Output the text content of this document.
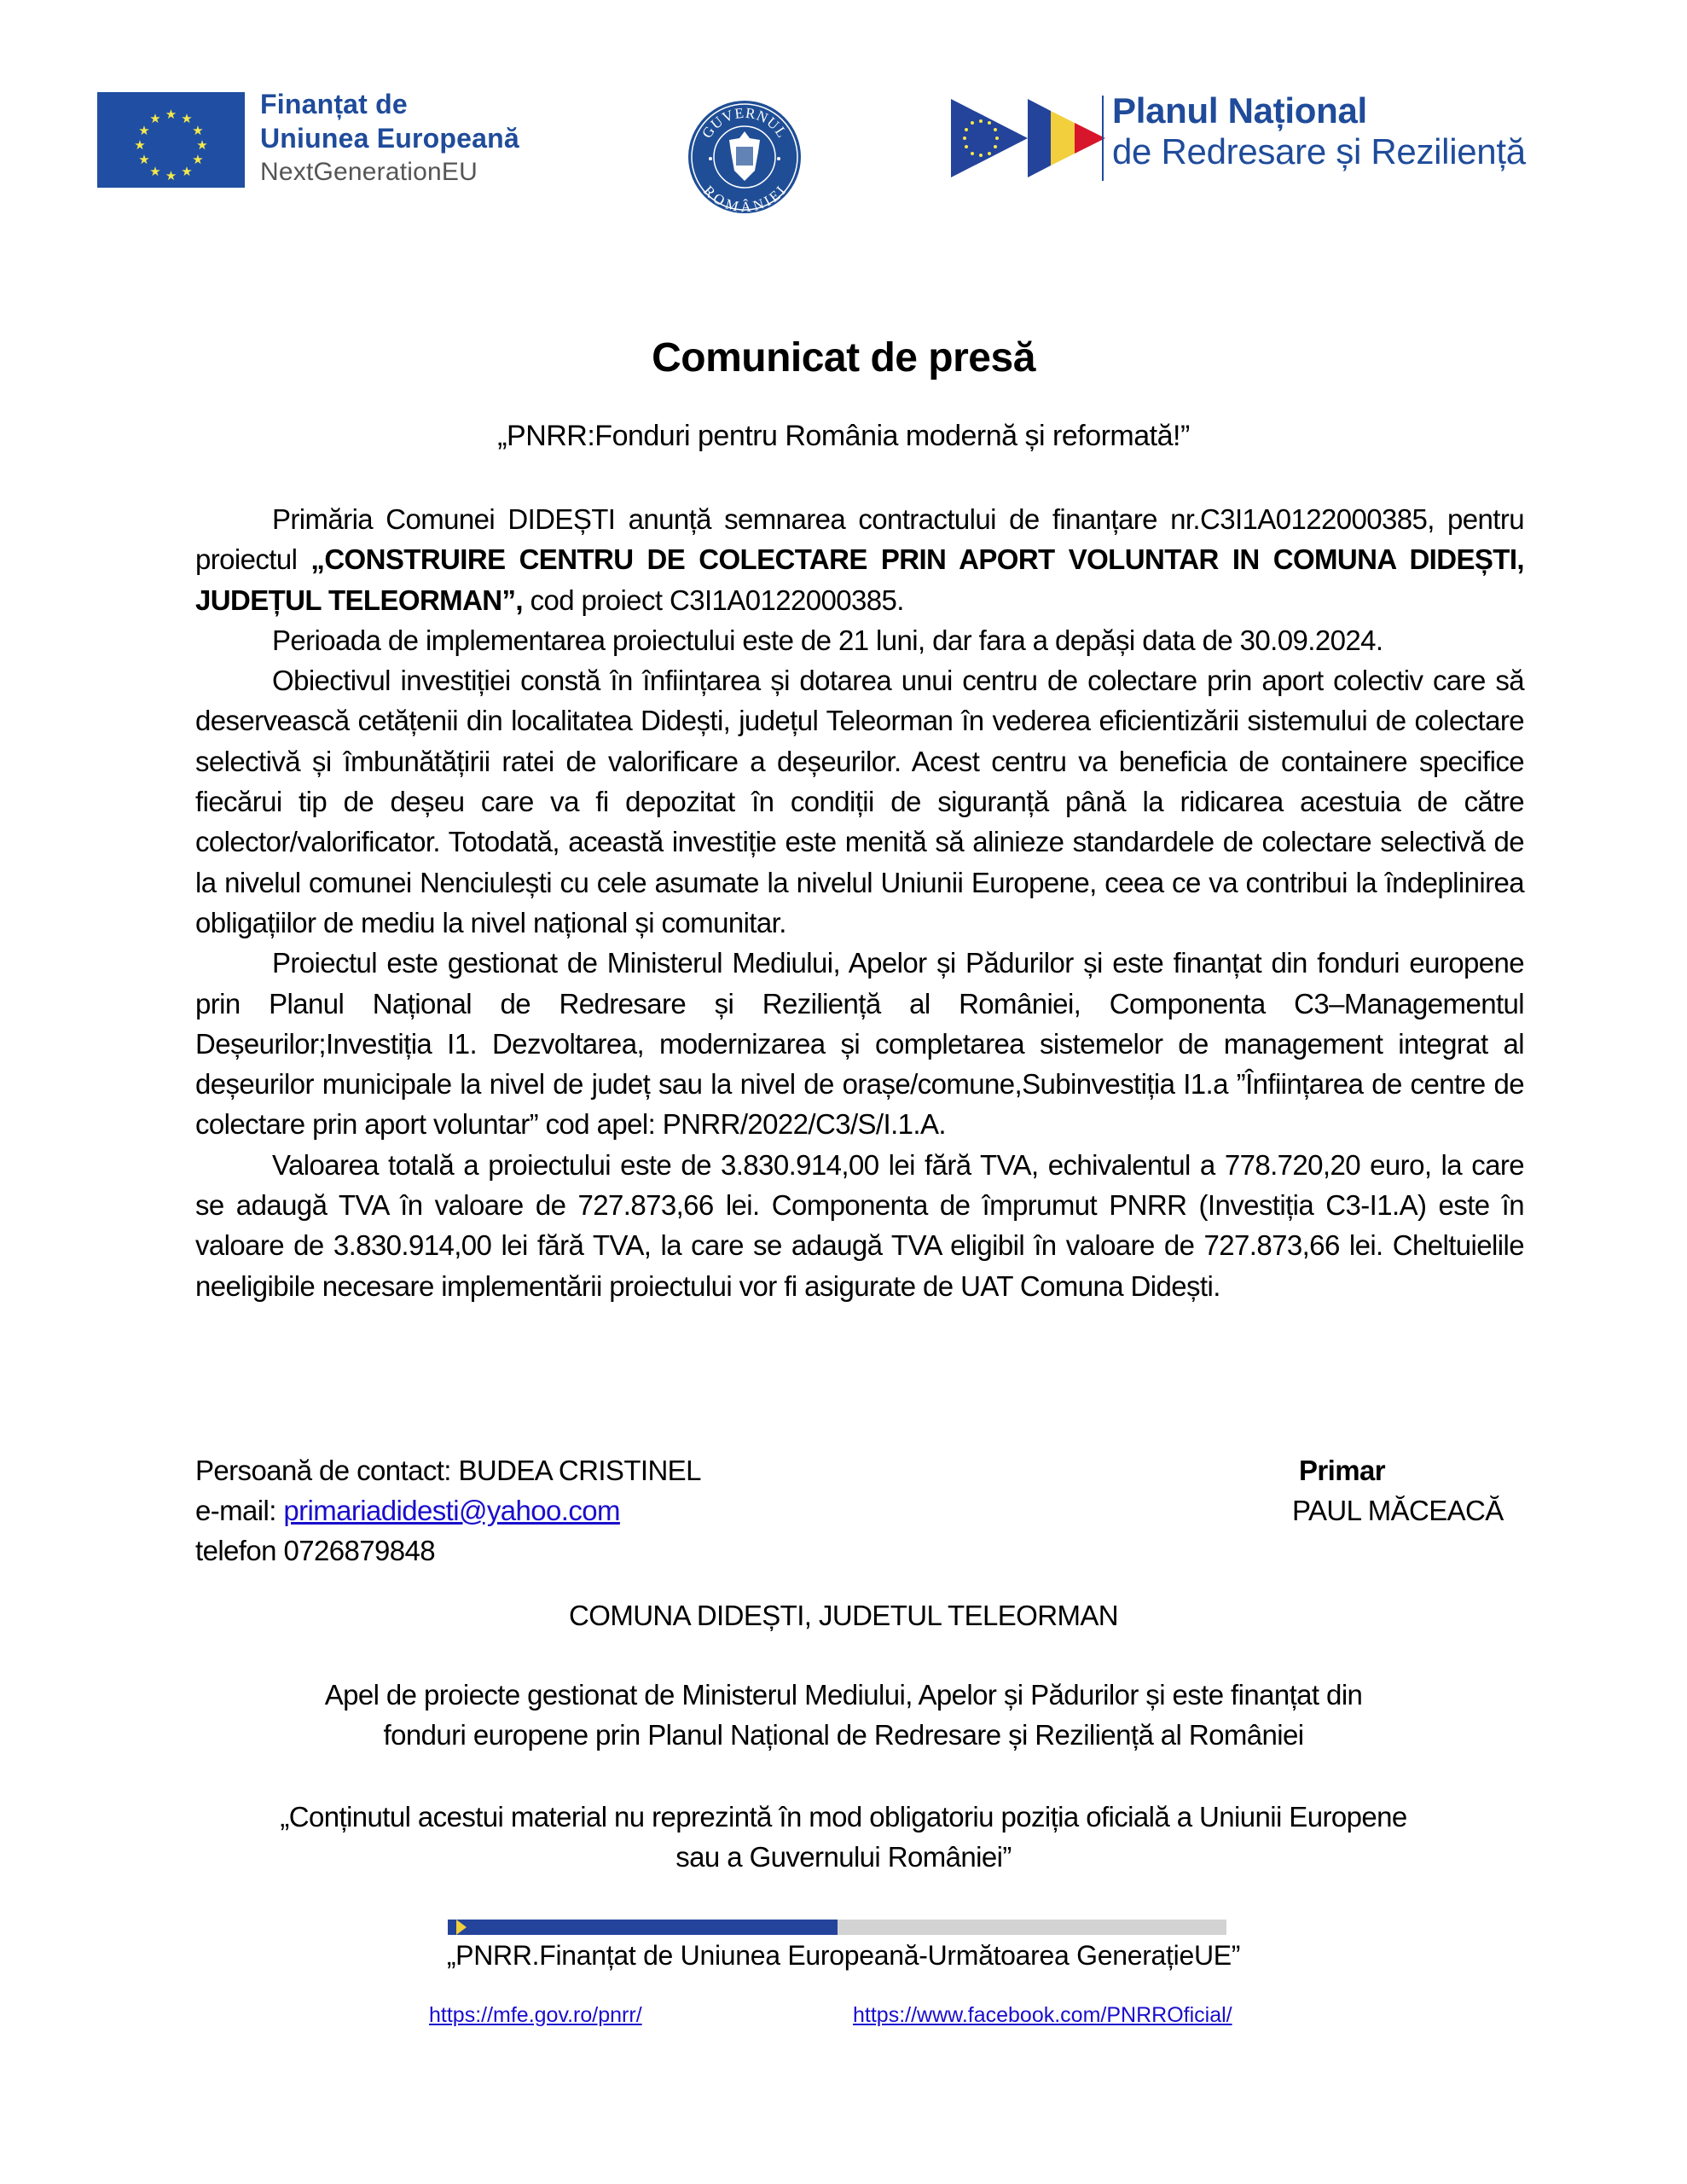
★ ★
★
★
★
★
★
★
★
★
★
★	Finanțat de
Uniunea Europeană
NextGenerationEU
GUVERNUL
ROMÂNIEI
Planul Național
de Redresare și Reziliență
Comunicat de presă
„PNRR:Fonduri pentru România modernă și reformată!”

Primăria Comunei DIDEȘTI anunță semnarea contractului de finanțare nr.C3I1A0122000385, pentru proiectul „CONSTRUIRE CENTRU DE COLECTARE PRIN APORT VOLUNTAR IN COMUNA DIDEȘTI, JUDEȚUL TELEORMAN”, cod proiect C3I1A0122000385.

Perioada de implementarea proiectului este de 21 luni, dar fara a depăși data de 30.09.2024.

Obiectivul investiției constă în înființarea și dotarea unui centru de colectare prin aport colectiv care să deservească cetățenii din localitatea Didești, județul Teleorman în vederea eficientizării sistemului de colectare selectivă și îmbunătățirii ratei de valorificare a deșeurilor. Acest centru va beneficia de containere specifice fiecărui tip de deșeu care va fi depozitat în condiții de siguranță până la ridicarea acestuia de către colector/valorificator. Totodată, această investiție este menită să alinieze standardele de colectare selectivă de la nivelul comunei Nenciulești cu cele asumate la nivelul Uniunii Europene, ceea ce va contribui la îndeplinirea obligațiilor de mediu la nivel național și comunitar.

Proiectul este gestionat de Ministerul Mediului, Apelor și Pădurilor și este finanțat din fonduri europene prin Planul Național de Redresare și Reziliență al României, Componenta C3–Managementul Deșeurilor;Investiția I1. Dezvoltarea, modernizarea și completarea sistemelor de management integrat al deșeurilor municipale la nivel de județ sau la nivel de orașe/comune,Subinvestiția I1.a ”Înființarea de centre de colectare prin aport voluntar” cod apel: PNRR/2022/C3/S/I.1.A.

Valoarea totală a proiectului este de 3.830.914,00 lei fără TVA, echivalentul a 778.720,20 euro, la care se adaugă TVA în valoare de 727.873,66 lei. Componenta de împrumut PNRR (Investiția C3-I1.A) este în valoare de 3.830.914,00 lei fără TVA, la care se adaugă TVA eligibil în valoare de 727.873,66 lei. Cheltuielile neeligibile necesare implementării proiectului vor fi asigurate de UAT Comuna Didești.

Persoană de contact: BUDEA CRISTINEL
e-mail: primariadidesti@yahoo.com
telefon 0726879848
Primar
PAUL MĂCEACĂ
COMUNA DIDEȘTI, JUDETUL TELEORMAN
Apel de proiecte gestionat de Ministerul Mediului, Apelor și Pădurilor și este finanțat din
fonduri europene prin Planul Național de Redresare și Reziliență al României
„Conținutul acestui material nu reprezintă în mod obligatoriu poziția oficială a Uniunii Europene
sau a Guvernului României”
„PNRR.Finanțat de Uniunea Europeană-Următoarea GenerațieUE”
https://mfe.gov.ro/pnrr/	https://www.facebook.com/PNRROficial/
